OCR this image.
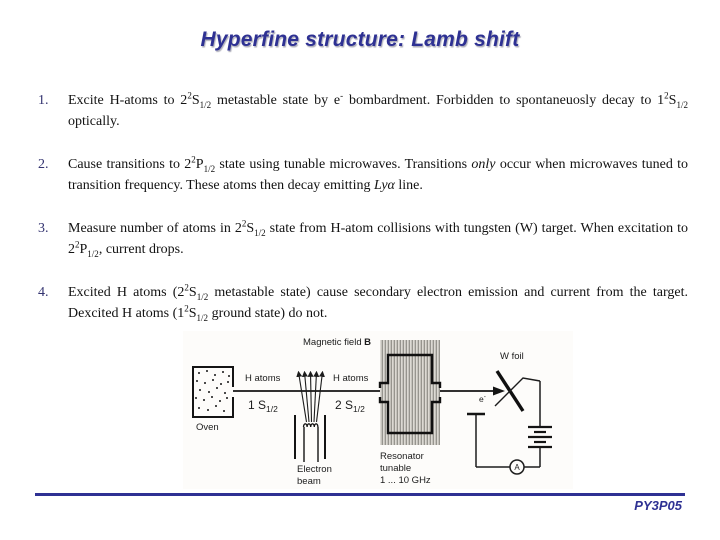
Hyperfine structure: Lamb shift
1.	Excite H-atoms to $2^2S_{1/2}$ metastable state by e- bombardment. Forbidden to spontaneuosly decay to $1^2S_{1/2}$ optically.

2.	Cause transitions to $2^2P_{1/2}$ state using tunable microwaves. Transitions only occur when microwaves tuned to transition frequency. These atoms then decay emitting Lyα line.

3.	Measure number of atoms in $2^2S_{1/2}$ state from H-atom collisions with tungsten (W) target. When excitation to $2^2P_{1/2}$, current drops.

4.	Excited H atoms ($2^2S_{1/2}$ metastable state) cause secondary electron emission and current from the target. Dexcited H atoms ($1^2S_{1/2}$ ground state) do not.

Magnetic field B
H atoms
1 $S_{1/2}$
Oven
H atoms
2 $S_{1/2}$
Electron
beam
Resonator
tunable
1 ... 10 GHz
W foil
e-
A
PY3P05
